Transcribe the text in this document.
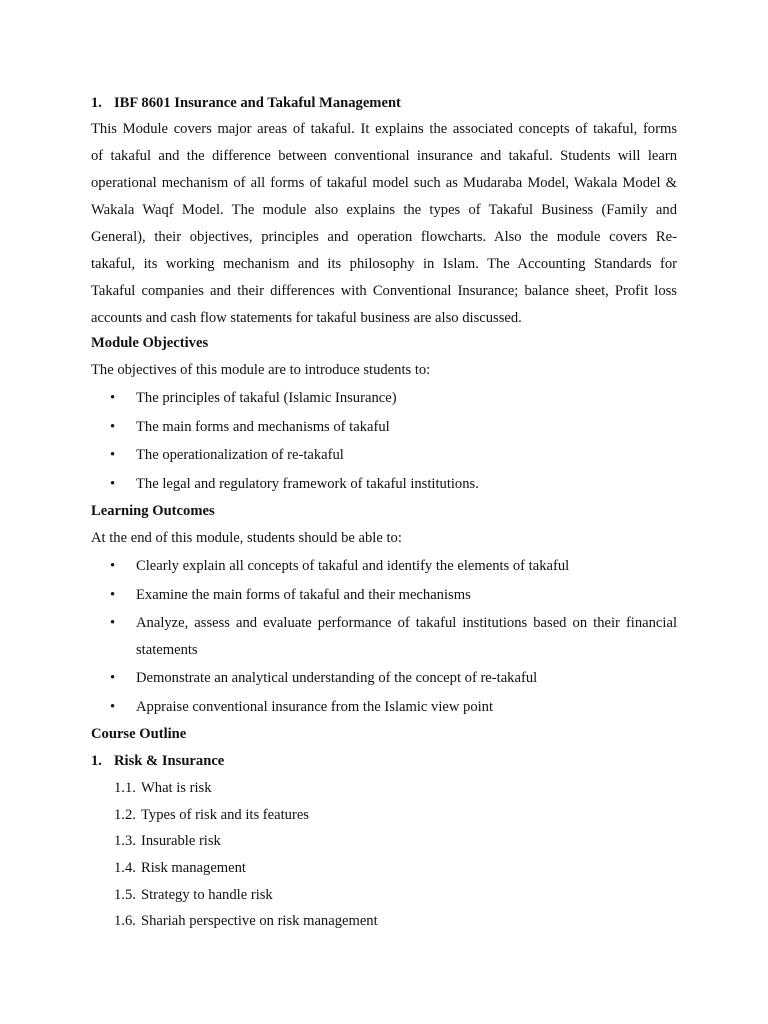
1. IBF 8601 Insurance and Takaful Management
This Module covers major areas of takaful. It explains the associated concepts of takaful, forms
of takaful and the difference between conventional insurance and takaful. Students will learn
operational mechanism of all forms of takaful model such as Mudaraba Model, Wakala Model &
Wakala Waqf Model. The module also explains the types of Takaful Business (Family and
General), their objectives, principles and operation flowcharts. Also the module covers Re-
takaful, its working mechanism and its philosophy in Islam. The Accounting Standards for
Takaful companies and their differences with Conventional Insurance; balance sheet, Profit loss
accounts and cash flow statements for takaful business are also discussed.
Module Objectives
The objectives of this module are to introduce students to:
• The principles of takaful (Islamic Insurance)
• The main forms and mechanisms of takaful
• The operationalization of re-takaful
• The legal and regulatory framework of takaful institutions.
Learning Outcomes
At the end of this module, students should be able to:
• Clearly explain all concepts of takaful and identify the elements of takaful
• Examine the main forms of takaful and their mechanisms
• Analyze, assess and evaluate performance of takaful institutions based on their financial
statements
• Demonstrate an analytical understanding of the concept of re-takaful
• Appraise conventional insurance from the Islamic view point
Course Outline
1. Risk & Insurance
1.1. What is risk
1.2. Types of risk and its features
1.3. Insurable risk
1.4. Risk management
1.5. Strategy to handle risk
1.6. Shariah perspective on risk management
